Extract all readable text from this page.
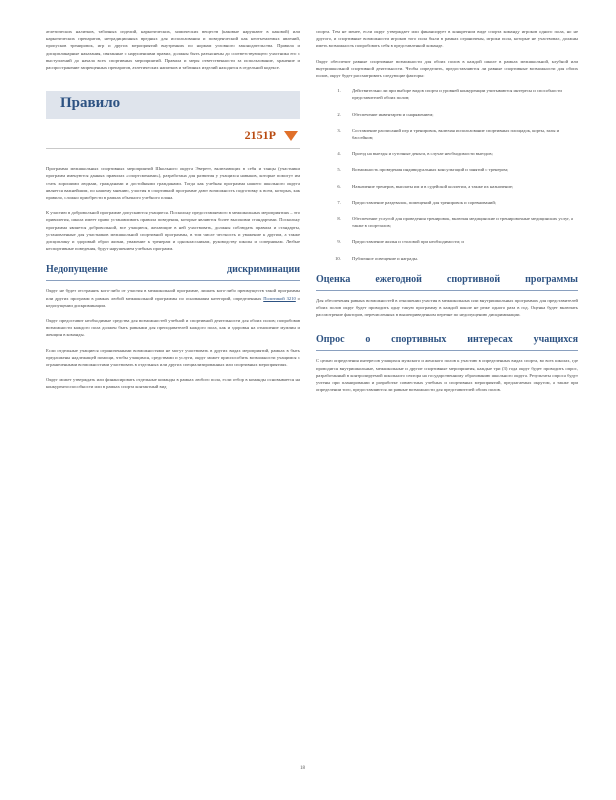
атлетических налитков, табачных изделий, наркотических, химических веществ (каковые нарушают в каковой) или наркотических препаратов, нетрадиционных вредных для использования и поведенческий как неотъемлемых явлений, пропусков тренировок, игр и других мероприятий внутренних по нормам угловного законодательства. Правила и дисциплинарные наказания, связанные с нарушениями правил, должны быть разъяснены до соответствующего участника его с выступлений до начала всех спортивных мероприятий. Правила и меры ответственности за использование, хранение и распространение запрещенных препаратов, атлетических напитков и табачных изделий находятся в отдельной кодексе.

Правило
2151P

Программа межшкольных спортивных мероприятий Школьного округа Эверетт, включающих в себя и танцы (участники программ именуются данных правилах «спортсменами»), разработана для развития у учащихся навыков, которые помогут им стать хорошими людьми, гражданами и достойными гражданами. Тогда как учебная программа нашего школьного округа является важнейшим, по нашему мнению, участия в спортивной программе дают возможность подготовку к всем, которых, как правило, сложно приобрести в рамках обычного учебного плана.

К участию в добровольной программе допускаются учащиеся. Поскольку предоставляемого в межшкольных мероприятиях – это привилегия, школа имеет право устанавливать правила поведения, которые являются более высокими стандартами. Поскольку программа является добровольной, все учащиеся, желающие в ней участвовать, должны соблюдать правила и стандарты, установленные для участников межшкольной спортивной программы, в том числе честность и уважение к другим, а также дисциплину и здоровый образ жизни, уважение к тренерам и одноклассникам, руководству школы и соперникам. Любые неспортивные поведения, будут нарушением учебных программ.

Недопущение дискриминации

Округ не будет отстранять кого-либо от участия в межшкольной программе, лишать кого-либо преимуществ такой программы или других программ в рамках любой межшкольной программы по основаниям категорий, определенных Политикой 3210 о недопущении дискриминации.

Округ предоставит необходимые средства для возможностей учебной и спортивной деятельности для обоих полов; попробовав возможности каждого пола должен быть равными для преподавателей каждого пола, как и здоровья на отношение мужчин и женщин в команды.

Если отдельные учащиеся ограниченными возможностями не могут участвовать в других видах мероприятий, рамках в быть предложены надлежащей помощи, чтобы учащимся, средствами и услуги, округ может приспособить возможности учащимся с ограниченными возможностями участвовать в отдельных или других специализированных или спортивных мероприятиях.

Округ может утверждать или финансировать отдельные команды в рамках любого пола, если отбор в команды основывается на конкурентоспособности или в рамках спорта контактный вид

спорта. Тем не менее, если округ утверждает или финансирует в конкретном виде спорта команду игроков одного пола, но не другого, и спортивные возможности игроков того пола были в рамках ограничены, игроки пола, которые не участвовал, должны иметь возможность попробовать себя в представленной команде.

Округ обеспечит равные спортивные возможности для обоих полов в каждой школе в рамках межшкольной, клубной или внутришкольной спортивной деятельности. Чтобы определить, предоставляются ли равные спортивные возможности для обоих полов, округ будет рассматривать следующие факторы:

1. Действительно ли при выборе видов спорта и уровней конкуренции учитываются интересы и способности представителей обоих полов;
2. Обеспечение инвентарем и снаряжением;
3. Составление расписаний игр и тренировок, включая использование спортивных площадок, корты, залы и бассейнов;
4. Проезд на выезды и суточные деньги, в случае необходимости выездов;
5. Возможность проведения индивидуальных консультаций и занятий с тренером;
6. Назначение тренеров, выплаты им и в судейской коллегии, а также их назначение;
7. Предоставление раздевалок, помещений для тренировок и соревнований;
8. Обеспечение услугой для проведения тренировок, включая медицинские и тренировочные медицинских услуг, а также в спортзалов;
9. Предоставление жилья и столовой при необходимости; и
10. Публичное освещение и награды.
Оценка ежегодной спортивной программы

Для обеспечения равных возможностей в отношении участия в межшкольных или внутришкольных программах для представителей обоих полов округ будет проводить одну такую программу в каждой школе не реже одного раза в год. Оценка будет включать рассмотрение факторов, перечисленных в вышеприведенном перечне по недопущению дискриминации.

Опрос о спортивных интересах учащихся

С целью определения интересов учащихся мужского и женского полов к участию в определенных видах спорта, во всех школах, где проводятся внутришкольные, межшкольные и другие спортивные мероприятия, каждые три (3) года округ будет проводить опрос, разработанный в контролируемой школьного сектора на государственному образованию школьного округа. Результаты опроса будут учтены при планировании и разработке совместных учебных и спортивных мероприятий, предлагаемых округом, а также при определении того, предоставляются ли равные возможности для представителей обоих полов.

18
